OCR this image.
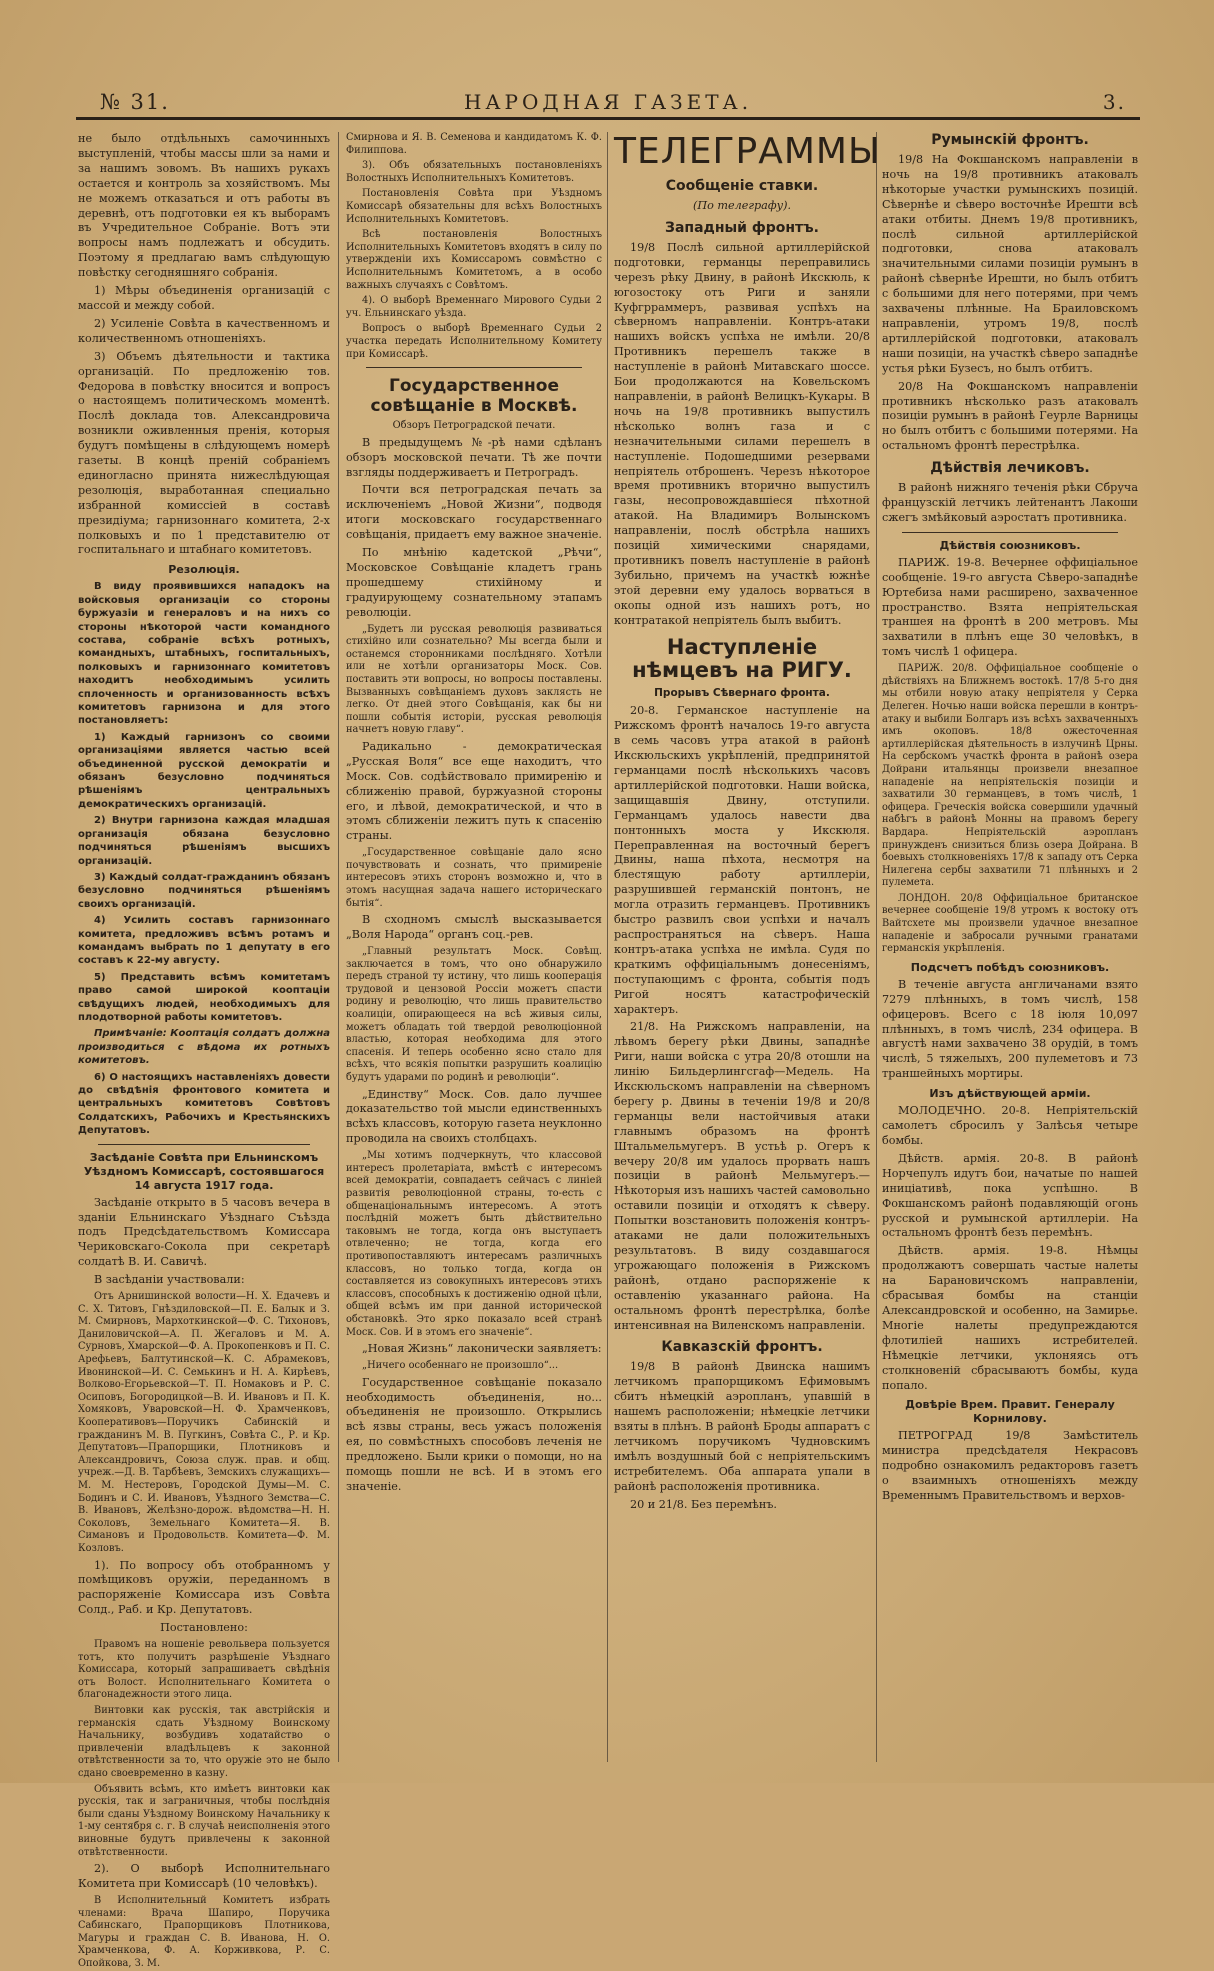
№ 31.	НАРОДНАЯ ГАЗЕТА.	3.

не было отдѣльныхъ самочинныхъ выступленій, чтобы массы шли за нами и за нашимъ зовомъ. Въ нашихъ рукахъ остается и контроль за хозяйствомъ. Мы не можемъ отказаться и отъ работы въ деревнѣ, отъ подготовки ея къ выборамъ въ Учредительное Собраніе. Вотъ эти вопросы намъ подлежатъ и обсудить. Поэтому я предлагаю вамъ слѣдующую повѣстку сегодняшняго собранія.

1) Мѣры объединенія организацій с массой и между собой.

2) Усиленіе Совѣта в качественномъ и количественномъ отношеніяхъ.

3) Объемъ дѣятельности и тактика организацій. По предложенію тов. Федорова в повѣстку вносится и вопросъ о настоящемъ политическомъ моментѣ. Послѣ доклада тов. Александровича возникли оживленныя пренія, которыя будутъ помѣщены в слѣдующемъ номерѣ газеты. В концѣ преній собраніемъ единогласно принята нижеслѣдующая резолюція, выработанная специально избранной комиссіей в составѣ президіума; гарнизоннаго комитета, 2-х полковыхъ и по 1 представителю от госпитальнаго и штабнаго комитетовъ.

Резолюція.

В виду проявившихся нападокъ на войсковыя организаціи со стороны буржуазіи и генераловъ и на нихъ со стороны нѣкоторой части командного состава, собраніе всѣхъ ротныхъ, командныхъ, штабныхъ, госпитальныхъ, полковыхъ и гарнизоннаго комитетовъ находитъ необходимымъ усилить сплоченность и организованность всѣхъ комитетовъ гарнизона и для этого постановляетъ:

1) Каждый гарнизонъ со своими организаціями является частью всей объединенной русской демократіи и обязанъ безусловно подчиняться рѣшеніямъ центральныхъ демократическихъ организацій.

2) Внутри гарнизона каждая младшая организація обязана безусловно подчиняться рѣшеніямъ высшихъ организацій.

3) Каждый солдат-гражданинъ обязанъ безусловно подчиняться рѣшеніямъ своихъ организацій.

4) Усилить составъ гарнизоннаго комитета, предложивъ всѣмъ ротамъ и командамъ выбрать по 1 депутату в его составъ к 22-му августу.

5) Представить всѣмъ комитетамъ право самой широкой кооптаціи свѣдущихъ людей, необходимыхъ для плодотворной работы комитетовъ.

Примѣчаніе: Кооптація солдатъ должна производиться с вѣдома их ротныхъ комитетовъ.

6) О настоящихъ наставленіяхъ довести до свѣдѣнія фронтового комитета и центральныхъ комитетовъ Совѣтовъ Солдатскихъ, Рабочихъ и Крестьянскихъ Депутатовъ.

Засѣданіе Совѣта при Ельнинскомъ Уѣздномъ Комиссарѣ, состоявшагося 14 августа 1917 года.

Засѣданіе открыто в 5 часовъ вечера в зданіи Ельнинскаго Уѣзднаго Съѣзда подъ Предсѣдательствомъ Комиссара Чериковскаго-Сокола при секретарѣ солдатѣ В. И. Савичѣ.

В засѣданіи участвовали:

Отъ Арнишинской волости—Н. Х. Едачевъ и С. Х. Титовъ, Гнѣздиловской—П. Е. Балык и З. М. Смирновъ, Мархоткинской—Ф. С. Тихоновъ, Даниловичской—А. П. Жегаловъ и М. А. Сурновъ, Хмарской—Ф. А. Прокопенковъ и П. С. Арефьевъ, Балтутинской—К. С. Абрамековъ, Ивонинской—И. С. Семькинъ и Н. А. Кирѣевъ, Волково-Егорьевской—Т. П. Номаковъ и Р. С. Осиповъ, Богородицкой—В. И. Ивановъ и П. К. Хомяковъ, Уваровской—Н. Ф. Храмченковъ, Кооперативовъ—Поручикъ Сабинскій и гражданинъ М. В. Пугкинъ, Совѣта С., Р. и Кр. Депутатовъ—Прапорщики, Плотниковъ и Александровичъ, Союза служ. прав. и общ. учреж.—Д. В. Тарбѣевъ, Земскихъ служащихъ—М. М. Нестеровъ, Городской Думы—М. С. Бодинъ и С. И. Ивановъ, Уѣздного Земства—С. В. Ивановъ, Желѣзно-дорож. вѣдомства—Н. Н. Соколовъ, Земельнаго Комитета—Я. В. Симановъ и Продовольств. Комитета—Ф. М. Козловъ.

1). По вопросу объ отобранномъ у помѣщиковъ оружіи, переданномъ в распоряженіе Комиссара изъ Совѣта Солд., Раб. и Кр. Депутатовъ.

Постановлено:

Правомъ на ношеніе револьвера пользуется тотъ, кто получитъ разрѣшеніе Уѣзднаго Комиссара, который запрашиваетъ свѣдѣнія отъ Волост. Исполнительнаго Комитета о благонадежности этого лица.

Винтовки как русскія, так австрійскія и германскія сдать Уѣздному Воинскому Начальнику, возбудивъ ходатайство о привлеченіи владѣльцевъ к законной отвѣтственности за то, что оружіе это не было сдано своевременно в казну.

Объявить всѣмъ, кто имѣетъ винтовки как русскія, так и заграничныя, чтобы послѣднія были сданы Уѣздному Воинскому Начальнику к 1-му сентября с. г. В случаѣ неисполненія этого виновные будутъ привлечены к законной отвѣтственности.

2). О выборѣ Исполнительнаго Комитета при Комиссарѣ (10 человѣкъ).

В Исполнительный Комитетъ избрать членами: Врача Шапиро, Поручика Сабинскаго, Прапорщиковъ Плотникова, Магуры и граждан С. В. Иванова, Н. О. Храмченкова, Ф. А. Корживкова, Р. С. Опойкова, З. М.

Смирнова и Я. В. Семенова и кандидатомъ К. Ф. Филиппова.

3). Объ обязательныхъ постановленіяхъ Волостныхъ Исполнительныхъ Комитетовъ.

Постановленія Совѣта при Уѣздномъ Комиссарѣ обязательны для всѣхъ Волостныхъ Исполнительныхъ Комитетовъ.

Всѣ постановленія Волостныхъ Исполнительныхъ Комитетовъ входятъ в силу по утвержденіи ихъ Комиссаромъ совмѣстно с Исполнительнымъ Комитетомъ, а в особо важныхъ случаяхъ с Совѣтомъ.

4). О выборѣ Временнаго Мирового Судьи 2 уч. Ельнинскаго уѣзда.

Вопросъ о выборѣ Временнаго Судьи 2 участка передать Исполнительному Комитету при Комиссарѣ.

Государственное совѣщаніе в Москвѣ.

Обзоръ Петроградской печати.

В предыдущемъ №-рѣ нами сдѣланъ обзоръ московской печати. Тѣ же почти взгляды поддерживаетъ и Петроградъ.

Почти вся петроградская печать за исключеніемъ „Новой Жизни“, подводя итоги московскаго государственнаго совѣщанія, придаетъ ему важное значеніе.

По мнѣнію кадетской „Рѣчи“, Московское Совѣщаніе кладетъ грань прошедшему стихійному и градуирующему сознательному этапамъ революціи.

„Будетъ ли русская революція развиваться стихійно или сознательно? Мы всегда были и останемся сторонниками послѣдняго. Хотѣли или не хотѣли организаторы Моск. Сов. поставить эти вопросы, но вопросы поставлены. Вызванныхъ совѣщаніемъ духовъ заклясть не легко. От дней этого Совѣщанія, как бы ни пошли событія исторіи, русская революція начнетъ новую главу“.

Радикально - демократическая „Русская Воля“ все еще находитъ, что Моск. Сов. содѣйствовало примиренію и сближенію правой, буржуазной стороны его, и лѣвой, демократической, и что в этомъ сближеніи лежитъ путь к спасенію страны.

„Государственное совѣщаніе дало ясно почувствовать и сознать, что примиреніе интересовъ этихъ сторонъ возможно и, что в этомъ насущная задача нашего историческаго бытія“.

В сходномъ смыслѣ высказывается „Воля Народа“ органъ соц.-рев.

„Главный результатъ Моск. Совѣщ. заключается в томъ, что оно обнаружило передъ страной ту истину, что лишь кооперація трудовой и цензовой Россіи можетъ спасти родину и революцію, что лишь правительство коалиціи, опирающееся на всѣ живыя силы, можетъ обладать той твердой революціонной властью, которая необходима для этого спасенія. И теперь особенно ясно стало для всѣхъ, что всякія попытки разрушить коалицію будутъ ударами по родинѣ и революціи“.

„Единству“ Моск. Сов. дало лучшее доказательство той мысли единственныхъ всѣхъ классовъ, которую газета неуклонно проводила на своихъ столбцахъ.

„Мы хотимъ подчеркнуть, что классовой интересъ пролетаріата, вмѣстѣ с интересомъ всей демократіи, совпадаетъ сейчасъ с линіей развитія революціонной страны, то-есть с общенаціональнымъ интересомъ. А этотъ послѣдній можетъ быть дѣйствительно таковымъ не тогда, когда онъ выступаетъ отвлеченно; не тогда, когда его противопоставляютъ интересамъ различныхъ классовъ, но только тогда, когда он составляется из совокупныхъ интересовъ этихъ классовъ, способныхъ к достиженію одной цѣли, общей всѣмъ им при данной исторической обстановкѣ. Это ярко показало всей странѣ Моск. Сов. И в этомъ его значеніе“.

„Новая Жизнь“ лаконически заявляетъ:

„Ничего особеннаго не произошло“...

Государственное совѣщаніе показало необходимость объединенія, но... объединенія не произошло. Открылись всѣ язвы страны, весь ужасъ положенія ея, по совмѣстныхъ способовъ леченія не предложено. Были крики о помощи, но на помощь пошли не всѣ. И в этомъ его значеніе.

ТЕЛЕГРАММЫ
Сообщеніе ставки.

(По телеграфу).

Западный фронтъ.

19/8 Послѣ сильной артиллерійской подготовки, германцы переправились черезъ рѣку Двину, в районѣ Икскюль, к югозостоку отъ Риги и заняли Куфгрраммеръ, развивая успѣхъ на сѣверномъ направленіи. Контръ-атаки нашихъ войскъ успѣха не имѣли. 20/8 Противникъ перешелъ также в наступленіе в районѣ Митавскаго шоссе. Бои продолжаются на Ковельскомъ направленіи, в районѣ Велицкъ-Кукары. В ночь на 19/8 противникъ выпустилъ нѣсколько волнъ газа и с незначительными силами перешелъ в наступленіе. Подошедшими резервами непріятель отброшенъ. Черезъ нѣкоторое время противникъ вторично выпустилъ газы, несопровождавшіеся пѣхотной атакой. На Владимиръ Волынскомъ направленіи, послѣ обстрѣла нашихъ позицій химическими снарядами, противникъ повелъ наступленіе в районѣ Зубильно, причемъ на участкѣ южнѣе этой деревни ему удалось ворваться в окопы одной изъ нашихъ ротъ, но контратакой непріятель былъ выбитъ.

Наступленіе нѣмцевъ на РИГУ.

Прорывъ Сѣвернаго фронта.

20-8. Германское наступленіе на Рижскомъ фронтѣ началось 19-го августа в семь часовъ утра атакой в районѣ Икскюльскихъ укрѣпленій, предпринятой германцами послѣ нѣсколькихъ часовъ артиллерійской подготовки. Наши войска, защищавшія Двину, отступили. Германцамъ удалось навести два понтонныхъ моста у Икскюля. Переправленная на восточный берегъ Двины, наша пѣхота, несмотря на блестящую работу артиллеріи, разрушившей германскій понтонъ, не могла отразить германцевъ. Противникъ быстро развилъ свои успѣхи и началъ распространяться на сѣверъ. Наша контръ-атака успѣха не имѣла. Судя по краткимъ оффиціальнымъ донесеніямъ, поступающимъ с фронта, событія подъ Ригой носятъ катастрофическій характеръ.

21/8. На Рижскомъ направленіи, на лѣвомъ берегу рѣки Двины, западнѣе Риги, наши войска с утра 20/8 отошли на линію Бильдерлингсгаф—Медель. На Икскюльскомъ направленіи на сѣверномъ берегу р. Двины в теченіи 19/8 и 20/8 германцы вели настойчивыя атаки главнымъ образомъ на фронтѣ Штальмельмугеръ. В устьѣ р. Огеръ к вечеру 20/8 им удалось прорвать нашъ позиціи в районѣ Мельмугеръ.— Нѣкоторыя изъ нашихъ частей самовольно оставили позиціи и отходятъ к сѣверу. Попытки возстановить положенія контръ-атаками не дали положительныхъ результатовъ. В виду создавшагося угрожающаго положенія в Рижскомъ районѣ, отдано распоряженіе к оставленію указаннаго района. На остальномъ фронтѣ перестрѣлка, болѣе интенсивная на Виленскомъ направленіи.

Кавказскій фронтъ.

19/8 В районѣ Двинска нашимъ летчикомъ прапорщикомъ Ефимовымъ сбитъ нѣмецкій аэропланъ, упавшій в нашемъ расположеніи; нѣмецкіе летчики взяты в плѣнъ. В районѣ Броды аппаратъ с летчикомъ поручикомъ Чудновскимъ имѣлъ воздушный бой с непріятельскимъ истребителемъ. Оба аппарата упали в районѣ расположенія противника.

20 и 21/8. Без перемѣнъ.

Румынскій фронтъ.

19/8 На Фокшанскомъ направленіи в ночь на 19/8 противникъ атаковалъ нѣкоторые участки румынскихъ позицій. Сѣвернѣе и сѣверо восточнѣе Ирешти всѣ атаки отбиты. Днемъ 19/8 противникъ, послѣ сильной артиллерійской подготовки, снова атаковалъ значительными силами позиціи румынъ в районѣ сѣвернѣе Ирешти, но былъ отбитъ с большими для него потерями, при чемъ захвачены плѣнные. На Браиловскомъ направленіи, утромъ 19/8, послѣ артиллерійской подготовки, атаковалъ наши позиціи, на участкѣ сѣверо западнѣе устья рѣки Бузесъ, но былъ отбитъ.

20/8 На Фокшанскомъ направленіи противникъ нѣсколько разъ атаковалъ позиціи румынъ в районѣ Геурле Варницы но былъ отбитъ с большими потерями. На остальномъ фронтѣ перестрѣлка.

Дѣйствія лечиковъ.

В районѣ нижняго теченія рѣки Сбруча французскій летчикъ лейтенантъ Лакоши сжегъ змѣйковый аэростатъ противника.

Дѣйствія союзниковъ.

ПАРИЖ. 19-8. Вечернее оффиціальное сообщеніе. 19-го августа Сѣверо-западнѣе Юртебиза нами расширено, захваченное пространство. Взята непріятельская траншея на фронтѣ в 200 метровъ. Мы захватили в плѣнъ еще 30 человѣкъ, в томъ числѣ 1 офицера.

ПАРИЖ. 20/8. Оффиціальное сообщеніе о дѣйствіяхъ на Ближнемъ востокѣ. 17/8 5-го дня мы отбили новую атаку непріятеля у Серка Делеген. Ночью наши войска перешли в контръ-атаку и выбили Болгаръ изъ всѣхъ захваченныхъ имъ окоповъ. 18/8 ожесточенная артиллерійская дѣятельность в излучинѣ Црны. На сербскомъ участкѣ фронта в районѣ озера Дойрани итальянцы произвели внезапное нападеніе на непріятельскія позиціи и захватили 30 германцевъ, в томъ числѣ, 1 офицера. Греческія войска совершили удачный набѣгъ в районѣ Монны на правомъ берегу Вардара. Непріятельскій аэропланъ принужденъ снизиться близь озера Дойрана. В боевыхъ столкновеніяхъ 17/8 к западу отъ Серка Нилегена сербы захватили 71 плѣнныхъ и 2 пулемета.

ЛОНДОН. 20/8 Оффиціальное британское вечернее сообщеніе 19/8 утромъ к востоку отъ Вайтсхете мы произвели удачное внезапное нападеніе и забросали ручными гранатами германскія укрѣпленія.

Подсчетъ побѣдъ союзниковъ.

В теченіе августа англичанами взято 7279 плѣнныхъ, в томъ числѣ, 158 офицеровъ. Всего с 18 іюля 10,097 плѣнныхъ, в томъ числѣ, 234 офицера. В августѣ нами захвачено 38 орудій, в томъ числѣ, 5 тяжелыхъ, 200 пулеметовъ и 73 траншейныхъ мортиры.

Изъ дѣйствующей арміи.

МОЛОДЕЧНО. 20-8. Непріятельскій самолетъ сбросилъ у Залѣсья четыре бомбы.

Дѣйств. армія. 20-8. В районѣ Норчепулъ идутъ бои, начатые по нашей иниціативѣ, пока успѣшно. В Фокшанскомъ районѣ подавляющій огонь русской и румынской артиллеріи. На остальномъ фронтѣ безъ перемѣнъ.

Дѣйств. армія. 19-8. Нѣмцы продолжаютъ совершать частые налеты на Барановичскомъ направленіи, сбрасывая бомбы на станціи Александровской и особенно, на Замирье. Многіе налеты предупреждаются флотиліей нашихъ истребителей. Нѣмецкіе летчики, уклоняясь отъ столкновеній сбрасываютъ бомбы, куда попало.

Довѣріе Врем. Правит. Генералу Корнилову.

ПЕТРОГРАД 19/8 Замѣститель министра предсѣдателя Некрасовъ подробно ознакомилъ редакторовъ газетъ о взаимныхъ отношеніяхъ между Временнымъ Правительствомъ и верхов-
